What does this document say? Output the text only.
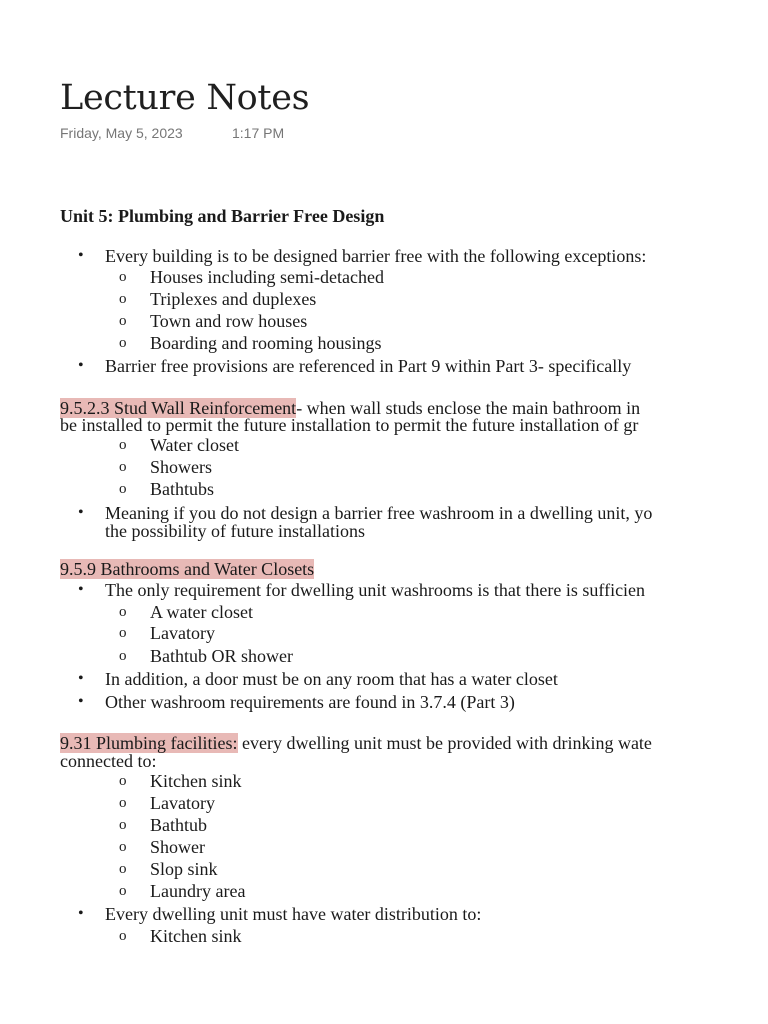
Lecture Notes
Friday, May 5, 2023	1:17 PM
Unit 5: Plumbing and Barrier Free Design
• Every building is to be designed barrier free with the following exceptions:
o Houses including semi-detached
o Triplexes and duplexes
o Town and row houses
o Boarding and rooming housings
• Barrier free provisions are referenced in Part 9 within Part 3- specifically
9.5.2.3 Stud Wall Reinforcement- when wall studs enclose the main bathroom in
be installed to permit the future installation to permit the future installation of gr
o Water closet
o Showers
o Bathtubs
• Meaning if you do not design a barrier free washroom in a dwelling unit, yo
the possibility of future installations
9.5.9 Bathrooms and Water Closets
• The only requirement for dwelling unit washrooms is that there is sufficien
o A water closet
o Lavatory
o Bathtub OR shower
• In addition, a door must be on any room that has a water closet
• Other washroom requirements are found in 3.7.4 (Part 3)
9.31 Plumbing facilities: every dwelling unit must be provided with drinking wate
connected to:
o Kitchen sink
o Lavatory
o Bathtub
o Shower
o Slop sink
o Laundry area
• Every dwelling unit must have water distribution to:
o Kitchen sink
